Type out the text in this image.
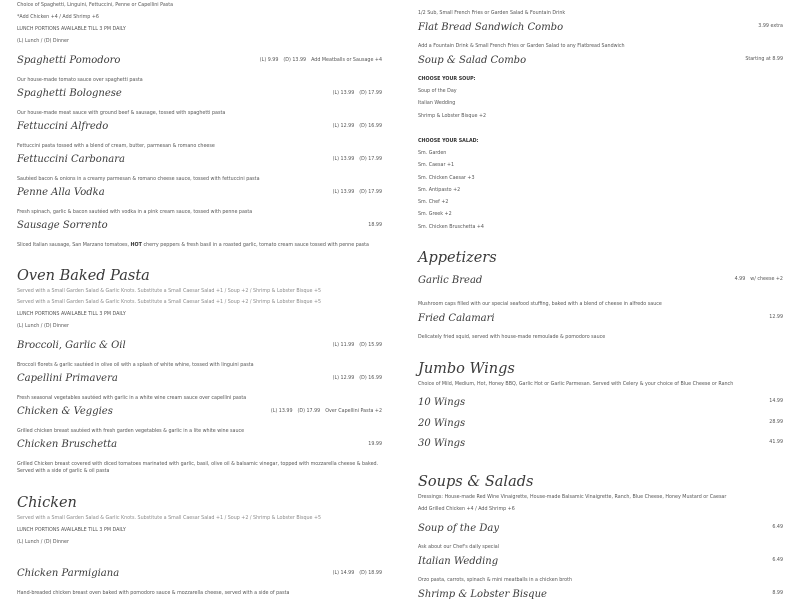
Choice of Spaghetti, Linguini, Fettuccini, Penne or Capellini Pasta
*Add Chicken +4 / Add Shrimp +6
LUNCH PORTIONS AVAILABLE TILL 3 PM DAILY
(L) Lunch / (D) Dinner
Spaghetti Pomodoro	(L) 9.99 (D) 13.99 Add Meatballs or Sausage +4
Our house-made tomato sauce over spaghetti pasta
Spaghetti Bolognese	(L) 13.99 (D) 17.99
Our house-made meat sauce with ground beef & sausage, tossed with spaghetti pasta
Fettuccini Alfredo	(L) 12.99 (D) 16.99
Fettuccini pasta tossed with a blend of cream, butter, parmesan & romano cheese
Fettuccini Carbonara	(L) 13.99 (D) 17.99
Sautéed bacon & onions in a creamy parmesan & romano cheese sauce, tossed with fettuccini pasta
Penne Alla Vodka	(L) 13.99 (D) 17.99
Fresh spinach, garlic & bacon sautéed with vodka in a pink cream sauce, tossed with penne pasta
Sausage Sorrento	18.99
Sliced Italian sausage, San Marzano tomatoes, HOT cherry peppers & fresh basil in a roasted garlic, tomato cream sauce tossed with penne pasta
Oven Baked Pasta
Served with a Small Garden Salad & Garlic Knots. Substitute a Small Caesar Salad +1 / Soup +2 / Shrimp & Lobster Bisque +5
Served with a Small Garden Salad & Garlic Knots. Substitute a Small Caesar Salad +1 / Soup +2 / Shrimp & Lobster Bisque +5
LUNCH PORTIONS AVAILABLE TILL 3 PM DAILY
(L) Lunch / (D) Dinner
Broccoli, Garlic & Oil	(L) 11.99 (D) 15.99
Broccoli florets & garlic sautéed in olive oil with a splash of white whine, tossed with linguini pasta
Capellini Primavera	(L) 12.99 (D) 16.99
Fresh seasonal vegetables sautéed with garlic in a white wine cream sauce over capellini pasta
Chicken & Veggies	(L) 13.99 (D) 17.99 Over Capellini Pasta +2
Grilled chicken breast sautéed with fresh garden vegetables & garlic in a lite white wine sauce
Chicken Bruschetta	19.99
Grilled Chicken breast covered with diced tomatoes marinated with garlic, basil, olive oil & balsamic vinegar, topped with mozzarella cheese & baked. Served with a side of garlic & oil pasta
Chicken
Served with a Small Garden Salad & Garlic Knots. Substitute a Small Caesar Salad +1 / Soup +2 / Shrimp & Lobster Bisque +5
LUNCH PORTIONS AVAILABLE TILL 3 PM DAILY
(L) Lunch / (D) Dinner
Chicken Parmigiana	(L) 14.99 (D) 18.99
Hand-breaded chicken breast oven baked with pomodoro sauce & mozzarella cheese, served with a side of pasta
1/2 Sub, Small French Fries or Garden Salad & Fountain Drink
Flat Bread Sandwich Combo	3.99 extra
Add a Fountain Drink & Small French Fries or Garden Salad to any Flatbread Sandwich
Soup & Salad Combo	Starting at 8.99
CHOOSE YOUR SOUP:
Soup of the Day
Italian Wedding
Shrimp & Lobster Bisque +2
CHOOSE YOUR SALAD:
Sm. Garden
Sm. Caesar +1
Sm. Chicken Caesar +3
Sm. Antipasto +2
Sm. Chef +2
Sm. Greek +2
Sm. Chicken Bruschetta +4
Appetizers
Garlic Bread	4.99 w/ cheese +2
Mushroom caps filled with our special seafood stuffing, baked with a blend of cheese in alfredo sauce
Fried Calamari	12.99
Delicately fried squid, served with house-made remoulade & pomodoro sauce
Jumbo Wings
Choice of Mild, Medium, Hot, Honey BBQ, Garlic Hot or Garlic Parmesan. Served with Celery & your choice of Blue Cheese or Ranch
10 Wings	14.99
20 Wings	28.99
30 Wings	41.99
Soups & Salads
Dressings: House-made Red Wine Vinaigrette, House-made Balsamic Vinaigrette, Ranch, Blue Cheese, Honey Mustard or Caesar
Add Grilled Chicken +4 / Add Shrimp +6
Soup of the Day	6.49
Ask about our Chef's daily special
Italian Wedding	6.49
Orzo pasta, carrots, spinach & mini meatballs in a chicken broth
Shrimp & Lobster Bisque	8.99
